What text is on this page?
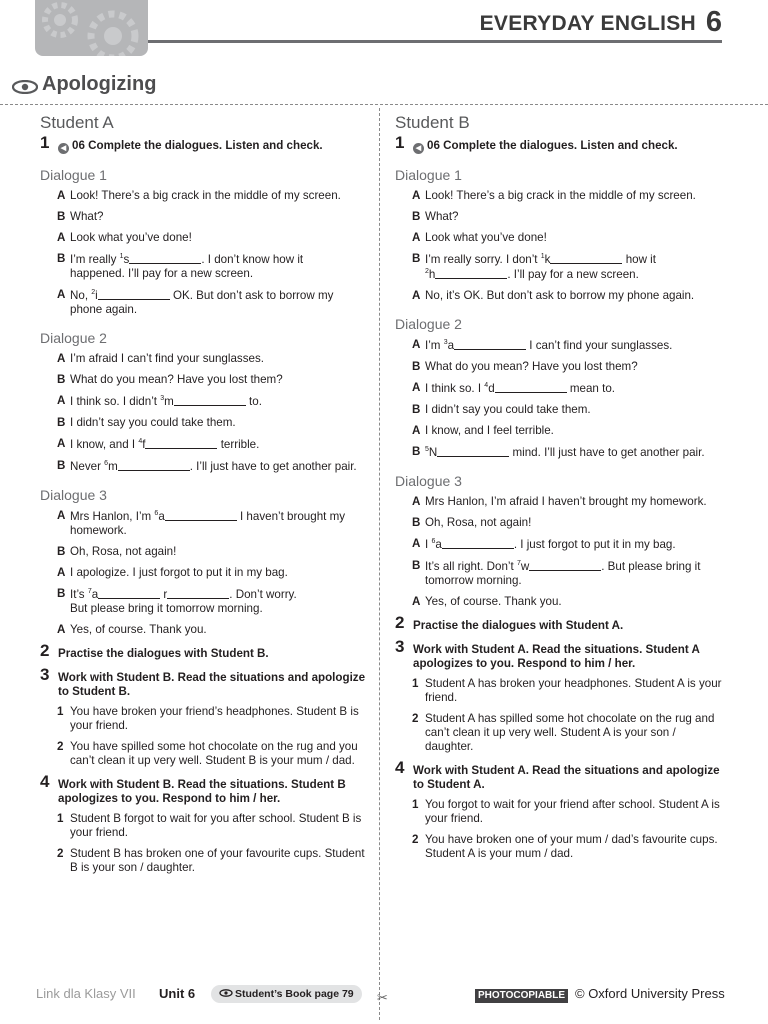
EVERYDAY ENGLISH 6
Apologizing
✂
Student A
1 ◀ 06 Complete the dialogues. Listen and check.
Dialogue 1
A Look! There’s a big crack in the middle of my screen.
B What?
A Look what you’ve done!
B I’m really $^1$s	. I don’t know how it
happened. I’ll pay for a new screen.
A No, $^2$i	OK. But don’t ask to borrow my
phone again.
Dialogue 2
A I’m afraid I can’t find your sunglasses.
B What do you mean? Have you lost them?
A I think so. I didn’t $^3$m	to.
B I didn’t say you could take them.
A I know, and I $^4$f	terrible.
B Never $^6$m	. I’ll just have to get another pair.
Dialogue 3
A Mrs Hanlon, I’m $^6$a	I haven’t brought my
homework.
B Oh, Rosa, not again!
A I apologize. I just forgot to put it in my bag.
B It’s $^7$a	r	. Don’t worry.
But please bring it tomorrow morning.
A Yes, of course. Thank you.
2 Practise the dialogues with Student B.
3 Work with Student B. Read the situations and apologize to Student B.
1 You have broken your friend’s headphones. Student B is your friend.
2 You have spilled some hot chocolate on the rug and you can’t clean it up very well. Student B is your mum / dad.
4 Work with Student B. Read the situations. Student B apologizes to you. Respond to him / her.
1 Student B forgot to wait for you after school. Student B is your friend.
2 Student B has broken one of your favourite cups. Student B is your son / daughter.
Student B
1 ◀ 06 Complete the dialogues. Listen and check.
Dialogue 1
A Look! There’s a big crack in the middle of my screen.
B What?
A Look what you’ve done!
B I’m really sorry. I don’t $^1$k	how it
$^2$h	. I’ll pay for a new screen.
A No, it’s OK. But don’t ask to borrow my phone again.
Dialogue 2
A I’m $^3$a	I can’t find your sunglasses.
B What do you mean? Have you lost them?
A I think so. I $^4$d	mean to.
B I didn’t say you could take them.
A I know, and I feel terrible.
B $^5$N	mind. I’ll just have to get another pair.
Dialogue 3
A Mrs Hanlon, I’m afraid I haven’t brought my homework.
B Oh, Rosa, not again!
A I $^6$a	. I just forgot to put it in my bag.
B It’s all right. Don’t $^7$w	. But please bring it
tomorrow morning.
A Yes, of course. Thank you.
2 Practise the dialogues with Student A.
3 Work with Student A. Read the situations. Student A apologizes to you. Respond to him / her.
1 Student A has broken your headphones. Student A is your friend.
2 Student A has spilled some hot chocolate on the rug and can’t clean it up very well. Student A is your son / daughter.
4 Work with Student A. Read the situations and apologize to Student A.
1 You forgot to wait for your friend after school. Student A is your friend.
2 You have broken one of your mum / dad’s favourite cups. Student A is your mum / dad.
Link dla Klasy VII Unit 6	Student’s Book page 79	PHOTOCOPIABLE © Oxford University Press
